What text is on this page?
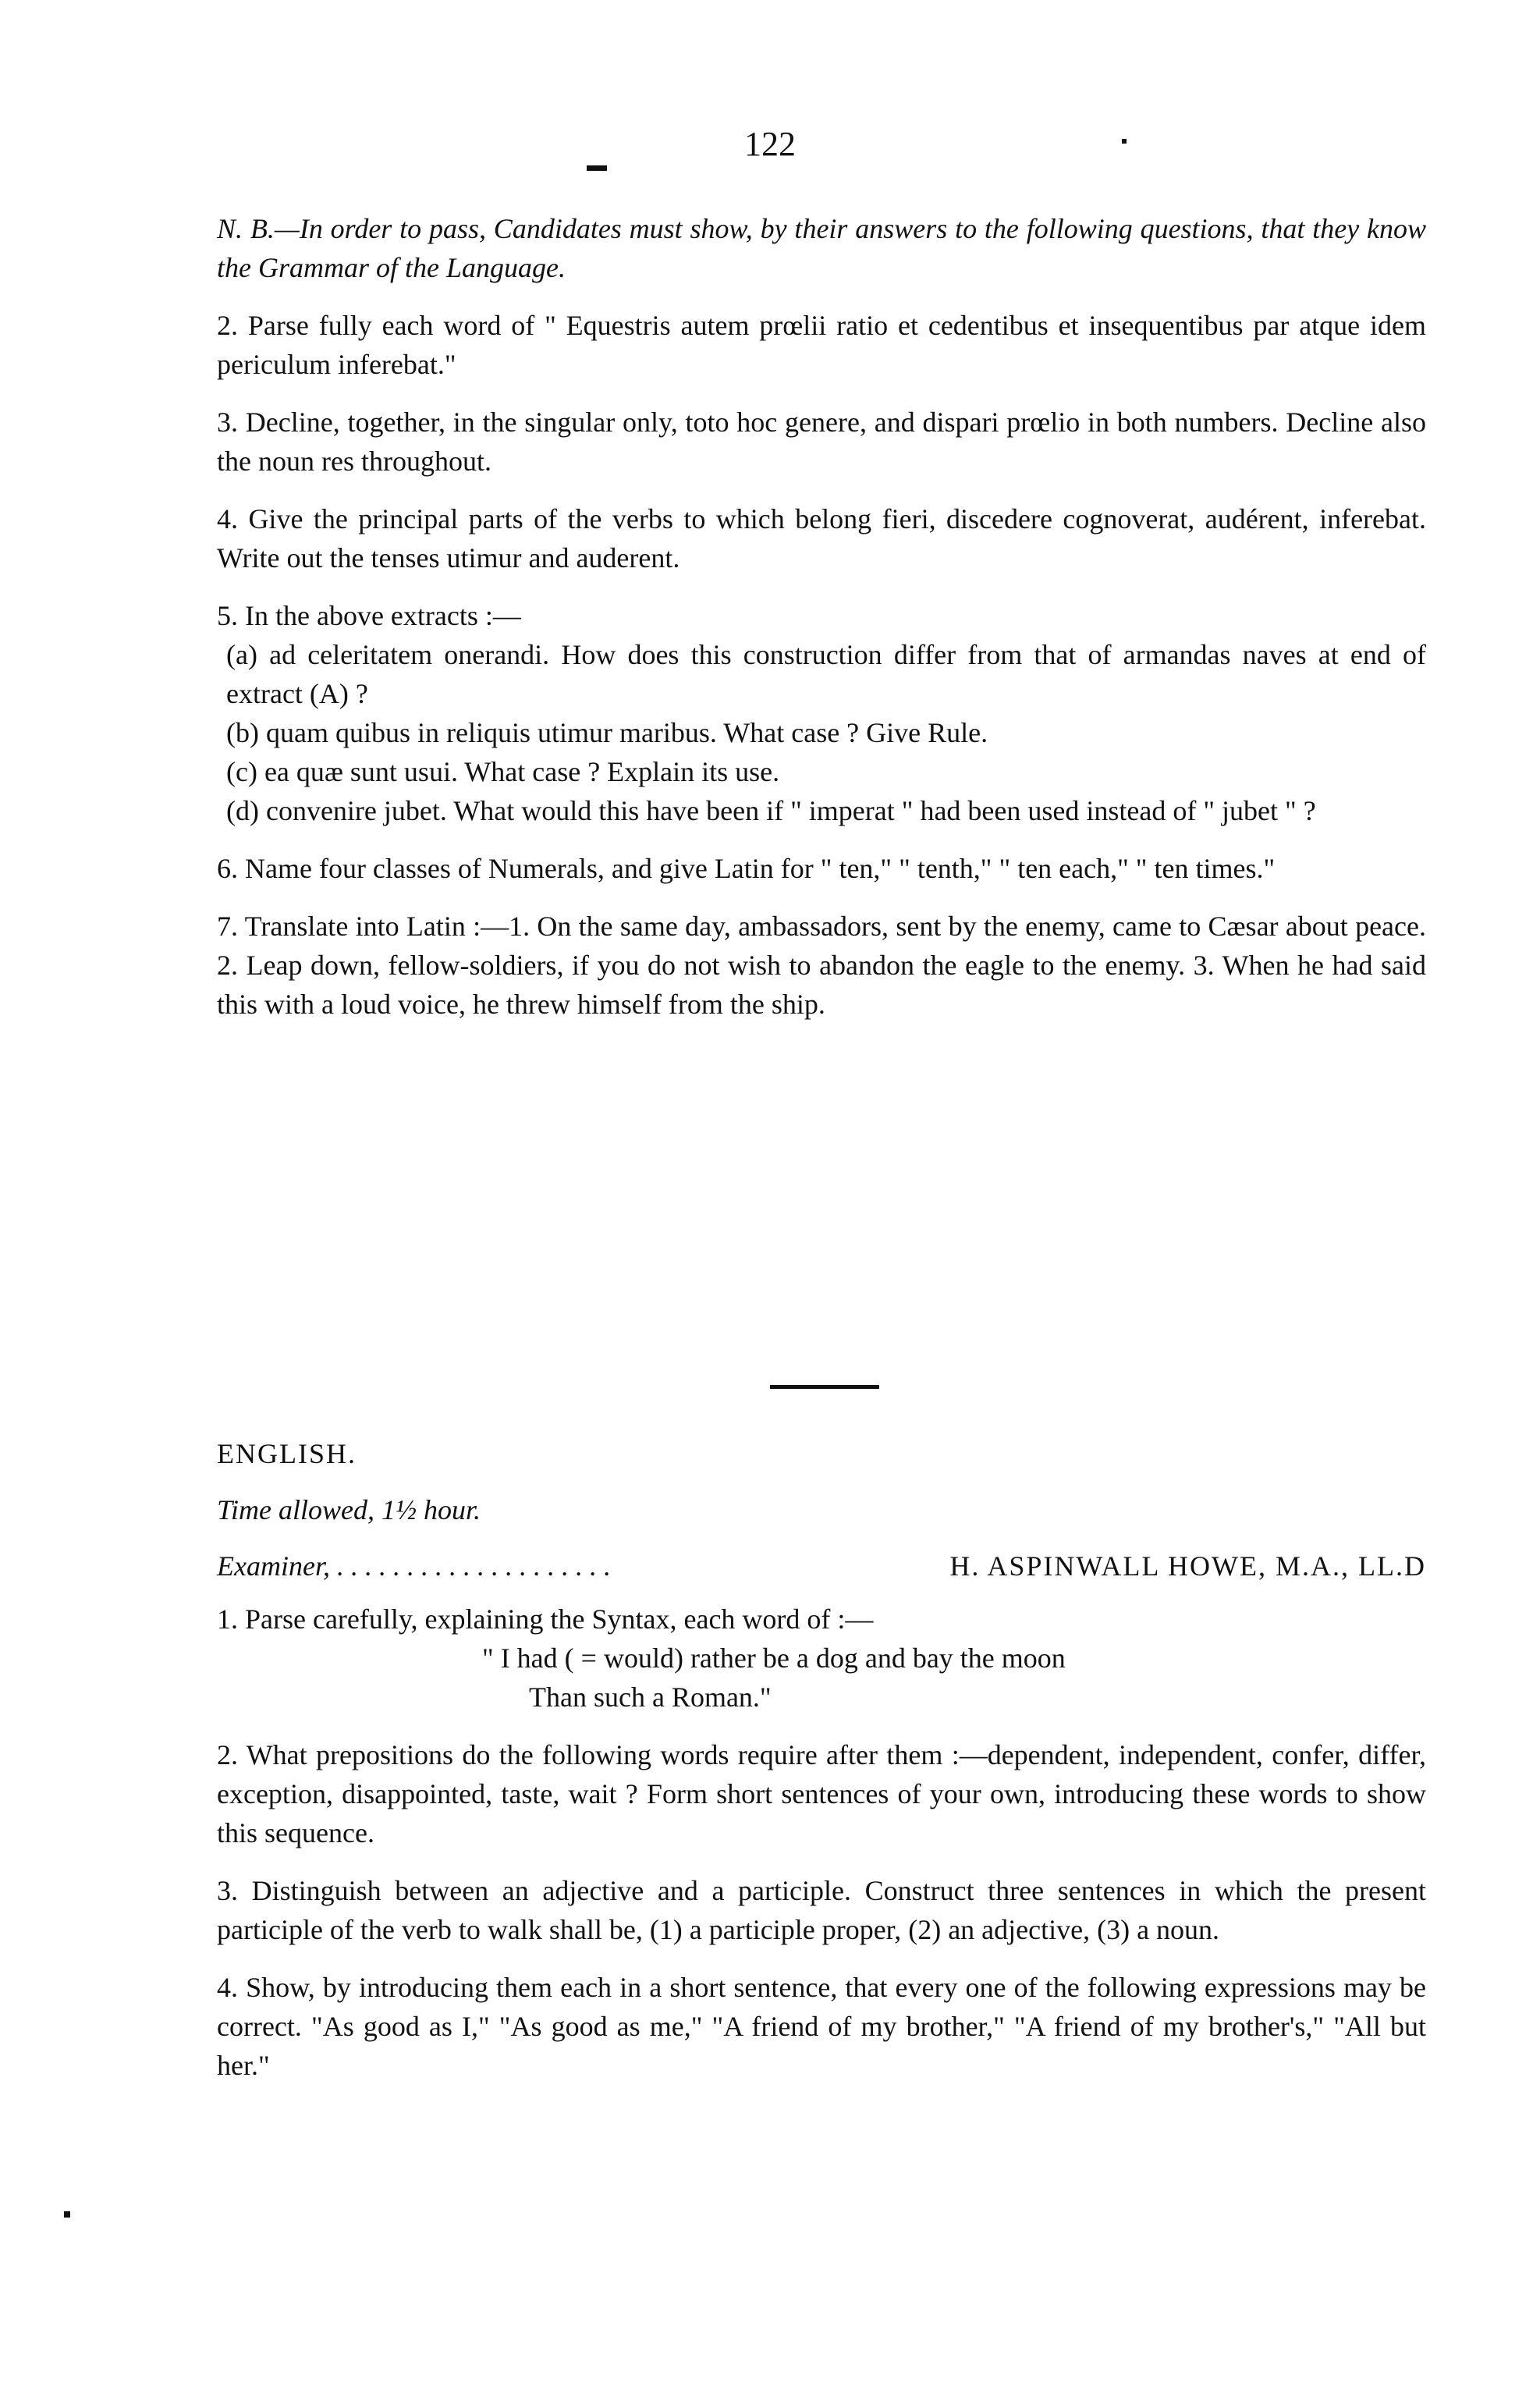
122

N. B.—In order to pass, Candidates must show, by their answers to the following questions, that they know the Grammar of the Language.

2. Parse fully each word of " Equestris autem prœlii ratio et cedentibus et insequentibus par atque idem periculum inferebat."

3. Decline, together, in the singular only, toto hoc genere, and dispari prœlio in both numbers. Decline also the noun res throughout.

4. Give the principal parts of the verbs to which belong fieri, discedere cognoverat, audérent, inferebat. Write out the tenses utimur and auderent.

5. In the above extracts :—

(a) ad celeritatem onerandi. How does this construction differ from that of armandas naves at end of extract (A) ?

(b) quam quibus in reliquis utimur maribus. What case ? Give Rule.

(c) ea quæ sunt usui. What case ? Explain its use.

(d) convenire jubet. What would this have been if " imperat " had been used instead of " jubet " ?

6. Name four classes of Numerals, and give Latin for " ten," " tenth," " ten each," " ten times."

7. Translate into Latin :—1. On the same day, ambassadors, sent by the enemy, came to Cæsar about peace. 2. Leap down, fellow-soldiers, if you do not wish to abandon the eagle to the enemy. 3. When he had said this with a loud voice, he threw himself from the ship.

ENGLISH.

Time allowed, 1½ hour.

Examiner, . . . . . . . . . . . . . . . . . . . .	H. ASPINWALL HOWE, M.A., LL.D

1. Parse carefully, explaining the Syntax, each word of :—

" I had ( = would) rather be a dog and bay the moon

Than such a Roman."

2. What prepositions do the following words require after them :—dependent, independent, confer, differ, exception, disappointed, taste, wait ? Form short sentences of your own, introducing these words to show this sequence.

3. Distinguish between an adjective and a participle. Construct three sentences in which the present participle of the verb to walk shall be, (1) a participle proper, (2) an adjective, (3) a noun.

4. Show, by introducing them each in a short sentence, that every one of the following expressions may be correct. "As good as I," "As good as me," "A friend of my brother," "A friend of my brother's," "All but her."
